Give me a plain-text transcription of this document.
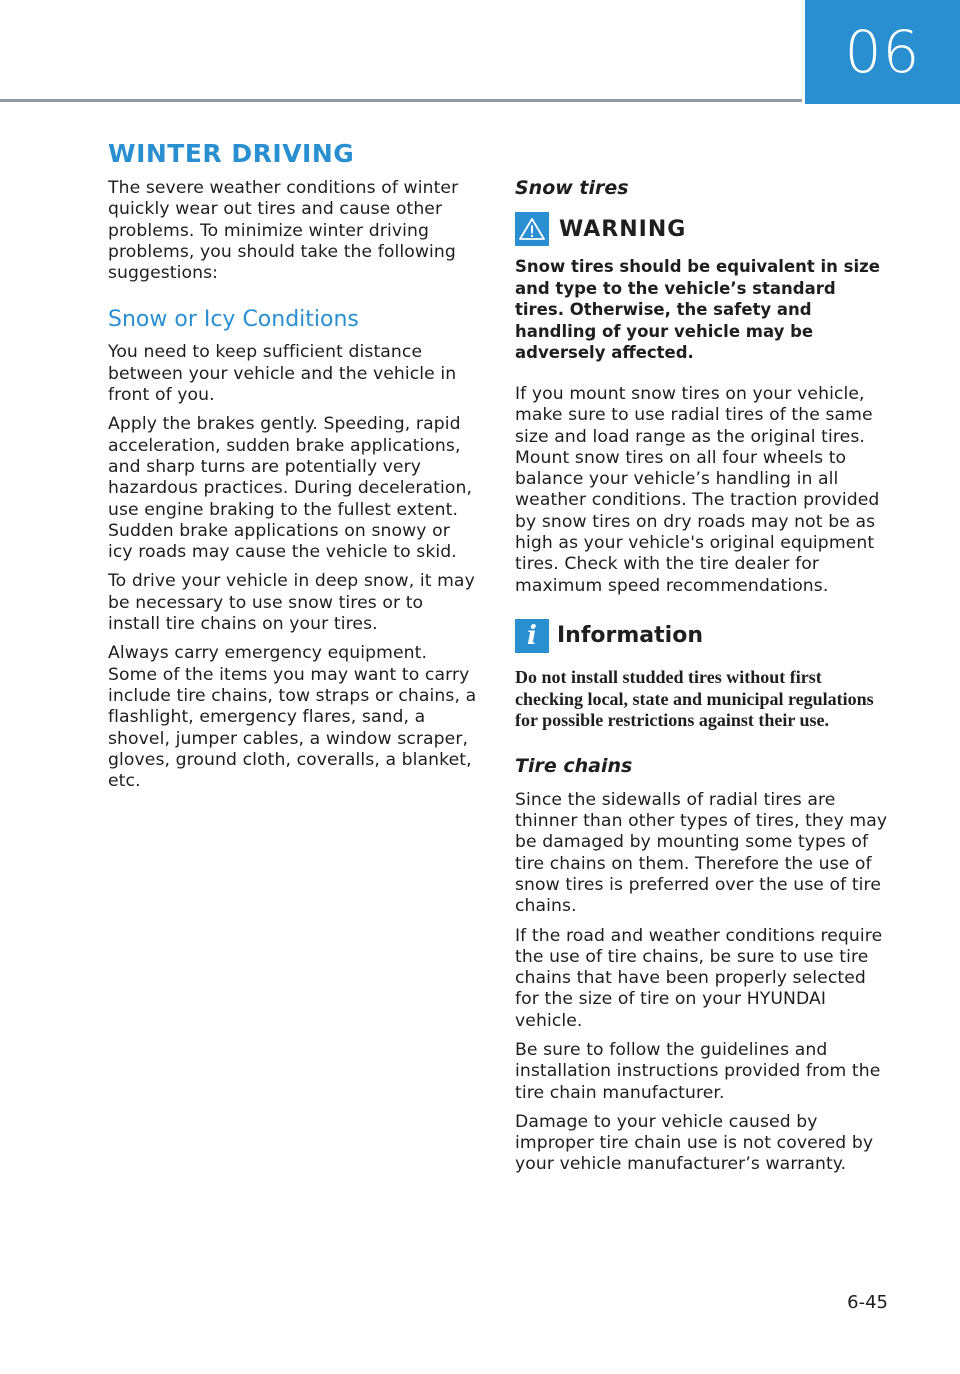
06
WINTER DRIVING

The severe weather conditions of winter quickly wear out tires and cause other problems. To minimize winter driving problems, you should take the following suggestions:

Snow or Icy Conditions

You need to keep sufficient distance between your vehicle and the vehicle in front of you.

Apply the brakes gently. Speeding, rapid acceleration, sudden brake applications, and sharp turns are potentially very hazardous practices. During deceleration, use engine braking to the fullest extent. Sudden brake applications on snowy or icy roads may cause the vehicle to skid.

To drive your vehicle in deep snow, it may be necessary to use snow tires or to install tire chains on your tires.

Always carry emergency equipment. Some of the items you may want to carry include tire chains, tow straps or chains, a flashlight, emergency flares, sand, a shovel, jumper cables, a window scraper, gloves, ground cloth, coveralls, a blanket, etc.

Snow tires
WARNING

Snow tires should be equivalent in size and type to the vehicle’s standard tires. Otherwise, the safety and handling of your vehicle may be adversely affected.

If you mount snow tires on your vehicle, make sure to use radial tires of the same size and load range as the original tires. Mount snow tires on all four wheels to balance your vehicle’s handling in all weather conditions. The traction provided by snow tires on dry roads may not be as high as your vehicle's original equipment tires. Check with the tire dealer for maximum speed recommendations.

i Information

Do not install studded tires without first checking local, state and municipal regulations for possible restrictions against their use.

Tire chains

Since the sidewalls of radial tires are thinner than other types of tires, they may be damaged by mounting some types of tire chains on them. Therefore the use of snow tires is preferred over the use of tire chains.

If the road and weather conditions require the use of tire chains, be sure to use tire chains that have been properly selected for the size of tire on your HYUNDAI vehicle.

Be sure to follow the guidelines and installation instructions provided from the tire chain manufacturer.

Damage to your vehicle caused by improper tire chain use is not covered by your vehicle manufacturer’s warranty.

6-45
